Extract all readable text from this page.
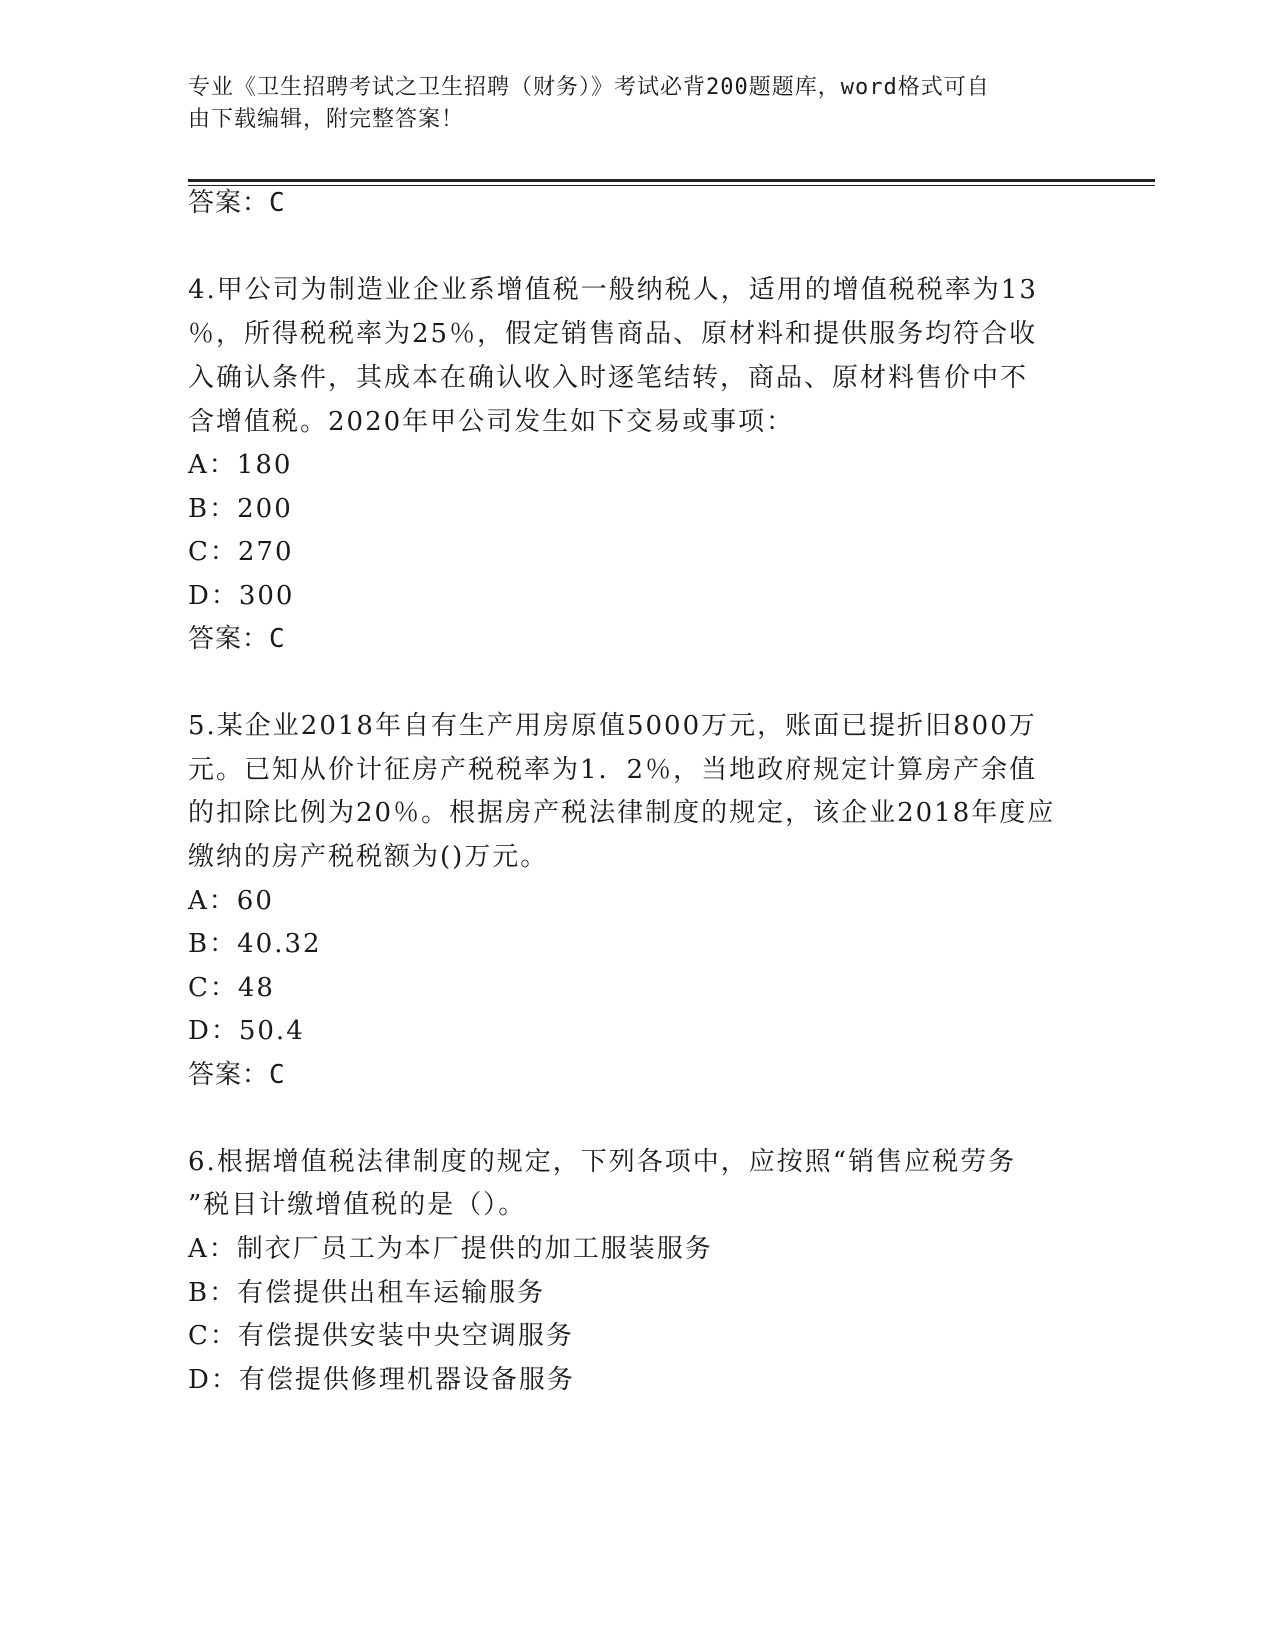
专业《卫生招聘考试之卫生招聘（财务）》考试必背200题题库，word格式可自
由下载编辑，附完整答案！
答案：C
4.甲公司为制造业企业系增值税一般纳税人，适用的增值税税率为13
％，所得税税率为25％，假定销售商品、原材料和提供服务均符合收
入确认条件，其成本在确认收入时逐笔结转，商品、原材料售价中不
含增值税。2020年甲公司发生如下交易或事项：
A：180
B：200
C：270
D：300
答案：C
5.某企业2018年自有生产用房原值5000万元，账面已提折旧800万
元。已知从价计征房产税税率为1．2％，当地政府规定计算房产余值
的扣除比例为20％。根据房产税法律制度的规定，该企业2018年度应
缴纳的房产税税额为()万元。
A：60
B：40.32
C：48
D：50.4
答案：C
6.根据增值税法律制度的规定，下列各项中，应按照“销售应税劳务
”税目计缴增值税的是（）。
A：制衣厂员工为本厂提供的加工服装服务
B：有偿提供出租车运输服务
C：有偿提供安装中央空调服务
D：有偿提供修理机器设备服务
